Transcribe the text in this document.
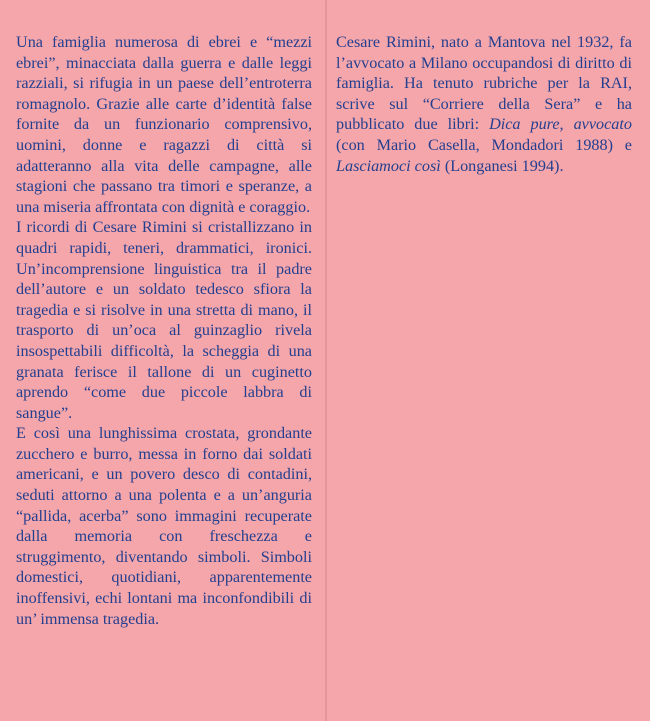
Una famiglia numerosa di ebrei e “mezzi ebrei”, minacciata dalla guerra e dalle leggi razziali, si rifugia in un paese dell’entroterra romagnolo. Grazie alle carte d’identità false fornite da un funzionario comprensivo, uomini, donne e ragazzi di città si adatteranno alla vita delle campagne, alle stagioni che passano tra timori e speranze, a una miseria affrontata con dignità e coraggio.

I ricordi di Cesare Rimini si cristallizzano in quadri rapidi, teneri, drammatici, ironici. Un’incomprensione linguistica tra il padre dell’autore e un soldato tedesco sfiora la tragedia e si risolve in una stretta di mano, il trasporto di un’oca al guinzaglio rivela insospettabili difficoltà, la scheggia di una granata ferisce il tallone di un cuginetto aprendo “come due piccole labbra di sangue”.

E così una lunghissima crostata, grondante zucchero e burro, messa in forno dai soldati americani, e un povero desco di contadini, seduti attorno a una polenta e a un’anguria “pallida, acerba” sono immagini recuperate dalla memoria con freschezza e struggimento, diventando simboli. Simboli domestici, quotidiani, apparentemente inoffensivi, echi lontani ma inconfondibili di un’ immensa tragedia.

Cesare Rimini, nato a Mantova nel 1932, fa l’avvocato a Milano occupandosi di diritto di famiglia. Ha tenuto rubriche per la RAI, scrive sul “Corriere della Sera” e ha pubblicato due libri: Dica pure, avvocato (con Mario Casella, Mondadori 1988) e Lasciamoci così (Longanesi 1994).
